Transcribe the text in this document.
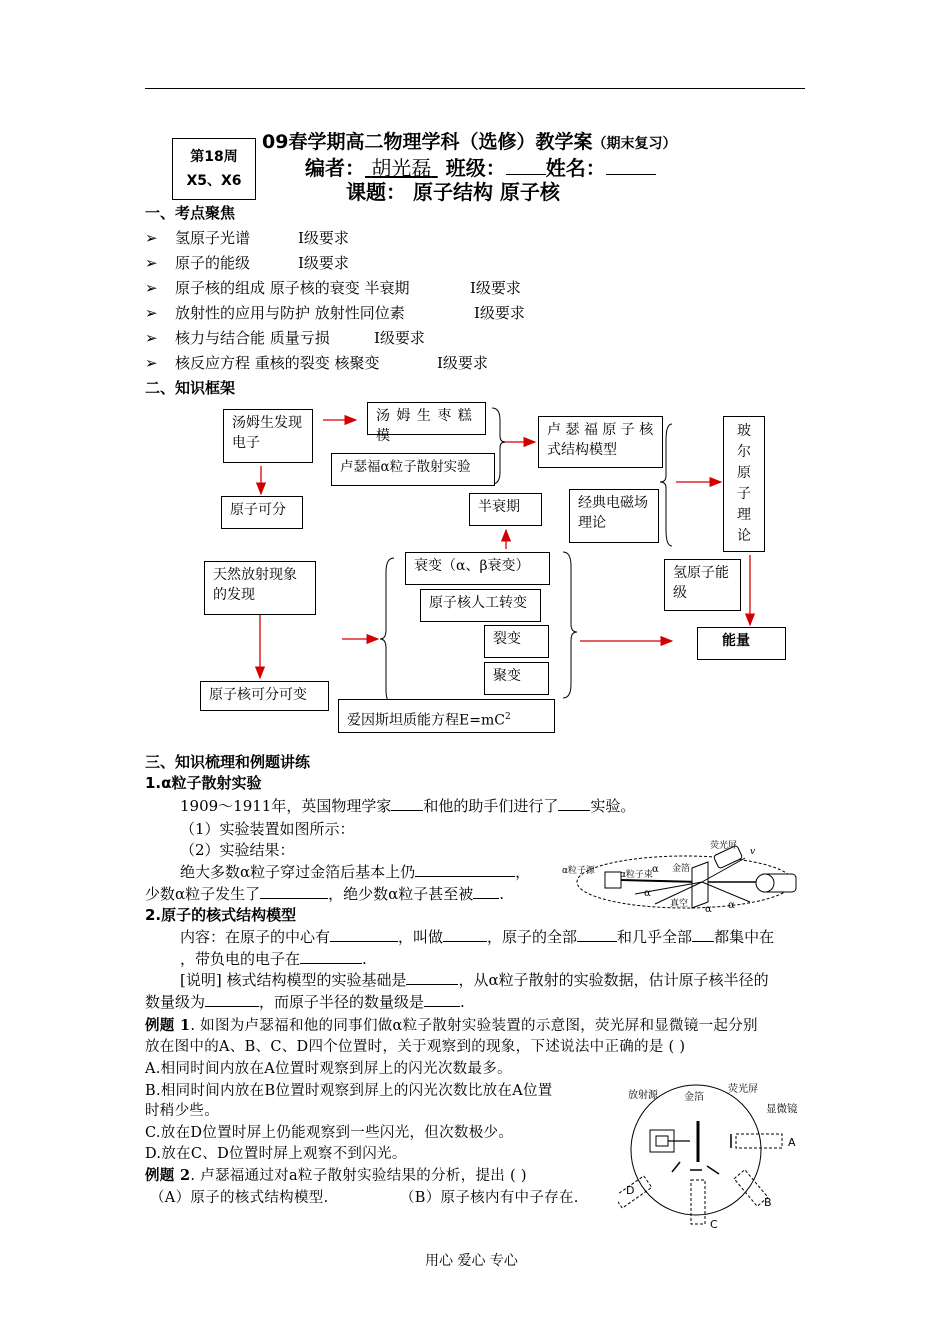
第18周
X5、X6
09春学期高二物理学科（选修）教学案（期末复习）
编者： 胡光磊 班级： 姓名：
课题： 原子结构 原子核
一、考点聚焦
➢ 氢原子光谱	Ⅰ级要求
➢ 原子的能级	Ⅰ级要求
➢ 原子核的组成 原子核的衰变 半衰期	Ⅰ级要求
➢ 放射性的应用与防护 放射性同位素	Ⅰ级要求
➢ 核力与结合能 质量亏损	Ⅰ级要求
➢ 核反应方程 重核的裂变 核聚变	Ⅰ级要求
二、知识框架
汤姆生发现电子
汤 姆 生 枣 糕 模
卢瑟福α粒子散射实验
卢 瑟 福 原 子 核式结构模型
玻尔原子理论
原子可分	半衰期	经典电磁场理论
氢原子能级
天然放射现象的发现
衰变（α、β衰变）
原子核人工转变
裂变
聚变
原子核可分可变
能量
爱因斯坦质能方程$E=mC^2$
三、知识梳理和例题讲练
1.α粒子散射实验
1909～1911年，英国物理学家 和他的助手们进行了 实验。
（1）实验装置如图所示：
（2）实验结果：
绝大多数α粒子穿过金箔后基本上仍	，
少数α粒子发生了	，绝少数α粒子甚至被 .
荧光屏
α粒子源	α粒子束
金箔
真空
α
α
α α
v
2.原子的核式结构模型
内容：在原子的中心有	，叫做	，原子的全部	和几乎全部 都集中在
，带负电的电子在	.
[说明] 核式结构模型的实验基础是	，从α粒子散射的实验数据，估计原子核半径的
数量级为	，而原子半径的数量级是 .
例题 1. 如图为卢瑟福和他的同事们做α粒子散射实验装置的示意图，荧光屏和显微镜一起分别
放在图中的A、B、C、D四个位置时，关于观察到的现象，下述说法中正确的是 ( )
A.相同时间内放在A位置时观察到屏上的闪光次数最多。
B.相同时间内放在B位置时观察到屏上的闪光次数比放在A位置
时稍少些。
C.放在D位置时屏上仍能观察到一些闪光，但次数极少。
D.放在C、D位置时屏上观察不到闪光。
例题 2. 卢瑟福通过对a粒子散射实验结果的分析，提出 ( )
（A）原子的核式结构模型.	（B）原子核内有中子存在.
放射源	金箔
荧光屏
显微镜
A
B
C
D
用心 爱心 专心
